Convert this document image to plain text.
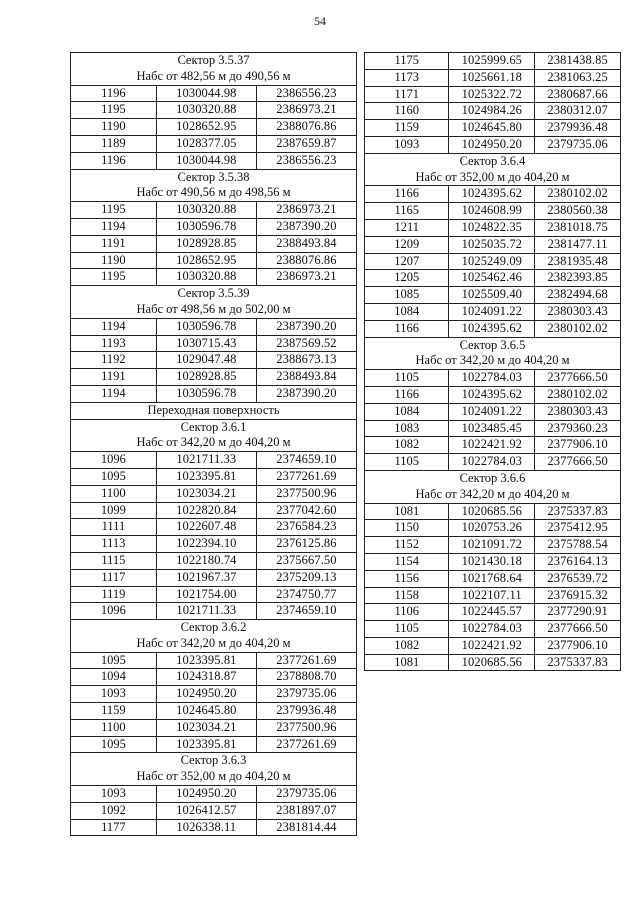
54
Сектор 3.5.37		
Набс от 482,56 м до 490,56 м		
1196	1030044.98	2386556.23
1195	1030320.88	2386973.21
1190	1028652.95	2388076.86
1189	1028377.05	2387659.87
1196	1030044.98	2386556.23
Сектор 3.5.38		
Набс от 490,56 м до 498,56 м		
1195	1030320.88	2386973.21
1194	1030596.78	2387390.20
1191	1028928.85	2388493.84
1190	1028652.95	2388076.86
1195	1030320.88	2386973.21
Сектор 3.5.39		
Набс от 498,56 м до 502,00 м		
1194	1030596.78	2387390.20
1193	1030715.43	2387569.52
1192	1029047.48	2388673.13
1191	1028928.85	2388493.84
1194	1030596.78	2387390.20
Переходная поверхность		
Сектор 3.6.1		
Набс от 342,20 м до 404,20 м		
1096	1021711.33	2374659.10
1095	1023395.81	2377261.69
1100	1023034.21	2377500.96
1099	1022820.84	2377042.60
1111	1022607.48	2376584.23
1113	1022394.10	2376125.86
1115	1022180.74	2375667.50
1117	1021967.37	2375209.13
1119	1021754.00	2374750.77
1096	1021711.33	2374659.10
Сектор 3.6.2		
Набс от 342,20 м до 404,20 м		
1095	1023395.81	2377261.69
1094	1024318.87	2378808.70
1093	1024950.20	2379735.06
1159	1024645.80	2379936.48
1100	1023034.21	2377500.96
1095	1023395.81	2377261.69
Сектор 3.6.3		
Набс от 352,00 м до 404,20 м		
1093	1024950.20	2379735.06
1092	1026412.57	2381897.07
1177	1026338.11	2381814.44
1175	1025999.65	2381438.85
1173	1025661.18	2381063.25
1171	1025322.72	2380687.66
1160	1024984.26	2380312.07
1159	1024645.80	2379936.48
1093	1024950.20	2379735.06
Сектор 3.6.4		
Набс от 352,00 м до 404,20 м		
1166	1024395.62	2380102.02
1165	1024608.99	2380560.38
1211	1024822.35	2381018.75
1209	1025035.72	2381477.11
1207	1025249.09	2381935.48
1205	1025462.46	2382393.85
1085	1025509.40	2382494.68
1084	1024091.22	2380303.43
1166	1024395.62	2380102.02
Сектор 3.6.5		
Набс от 342,20 м до 404,20 м		
1105	1022784.03	2377666.50
1166	1024395.62	2380102.02
1084	1024091.22	2380303.43
1083	1023485.45	2379360.23
1082	1022421.92	2377906.10
1105	1022784.03	2377666.50
Сектор 3.6.6		
Набс от 342,20 м до 404,20 м		
1081	1020685.56	2375337.83
1150	1020753.26	2375412.95
1152	1021091.72	2375788.54
1154	1021430.18	2376164.13
1156	1021768.64	2376539.72
1158	1022107.11	2376915.32
1106	1022445.57	2377290.91
1105	1022784.03	2377666.50
1082	1022421.92	2377906.10
1081	1020685.56	2375337.83
